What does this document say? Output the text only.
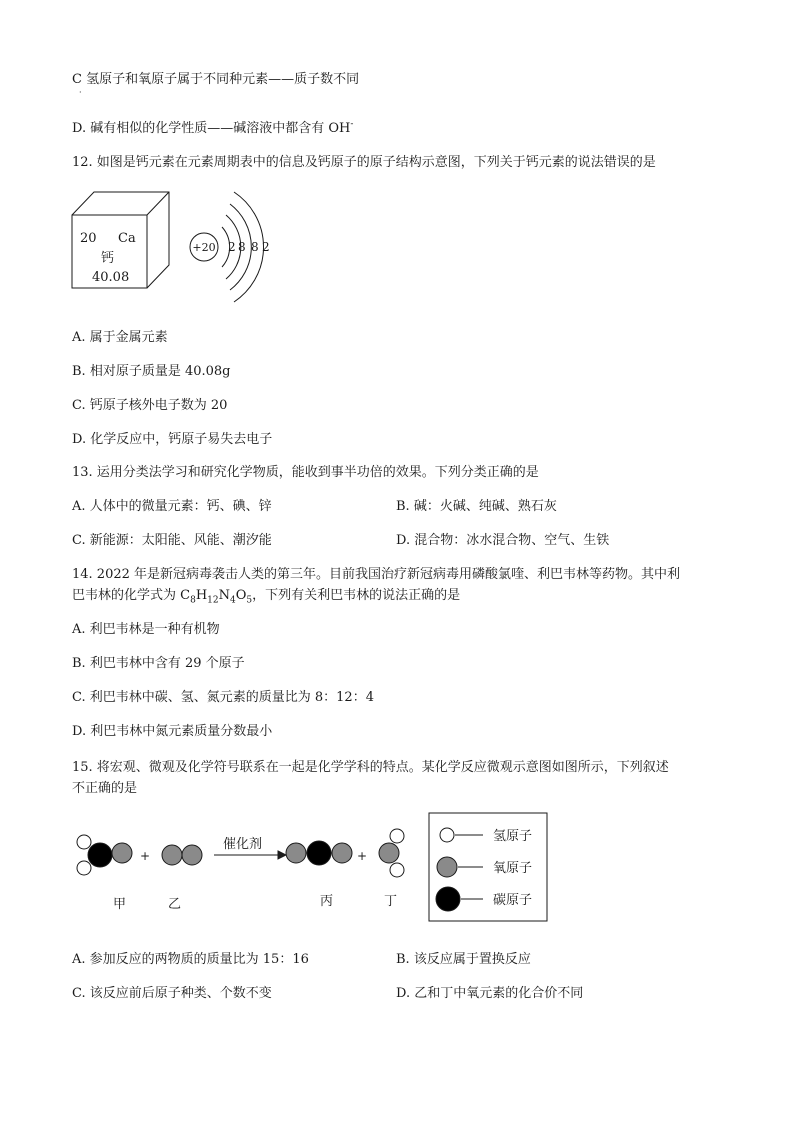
C 氢原子和氧原子属于不同种元素——质子数不同
·
D. 碱有相似的化学性质——碱溶液中都含有 OH-
12. 如图是钙元素在元素周期表中的信息及钙原子的原子结构示意图，下列关于钙元素的说法错误的是
20 Ca
钙
40.08
+20 2 8 8 2
A. 属于金属元素
B. 相对原子质量是 40.08g
C. 钙原子核外电子数为 20
D. 化学反应中，钙原子易失去电子
13. 运用分类法学习和研究化学物质，能收到事半功倍的效果。下列分类正确的是
A. 人体中的微量元素：钙、碘、锌	B. 碱：火碱、纯碱、熟石灰
C. 新能源：太阳能、风能、潮汐能	D. 混合物：冰水混合物、空气、生铁
14. 2022 年是新冠病毒袭击人类的第三年。目前我国治疗新冠病毒用磷酸氯喹、利巴韦林等药物。其中利
巴韦林的化学式为 $C_8H_{12}N_4O_5$，下列有关利巴韦林的说法正确的是
A. 利巴韦林是一种有机物
B. 利巴韦林中含有 29 个原子
C. 利巴韦林中碳、氢、氮元素的质量比为 8：12：4
D. 利巴韦林中氮元素质量分数最小
15. 将宏观、微观及化学符号联系在一起是化学学科的特点。某化学反应微观示意图如图所示，下列叙述
不正确的是
+	+
催化剂
甲	乙	丙	丁
氢原子
氧原子
碳原子
A. 参加反应的两物质的质量比为 15：16	B. 该反应属于置换反应
C. 该反应前后原子种类、个数不变	D. 乙和丁中氧元素的化合价不同
